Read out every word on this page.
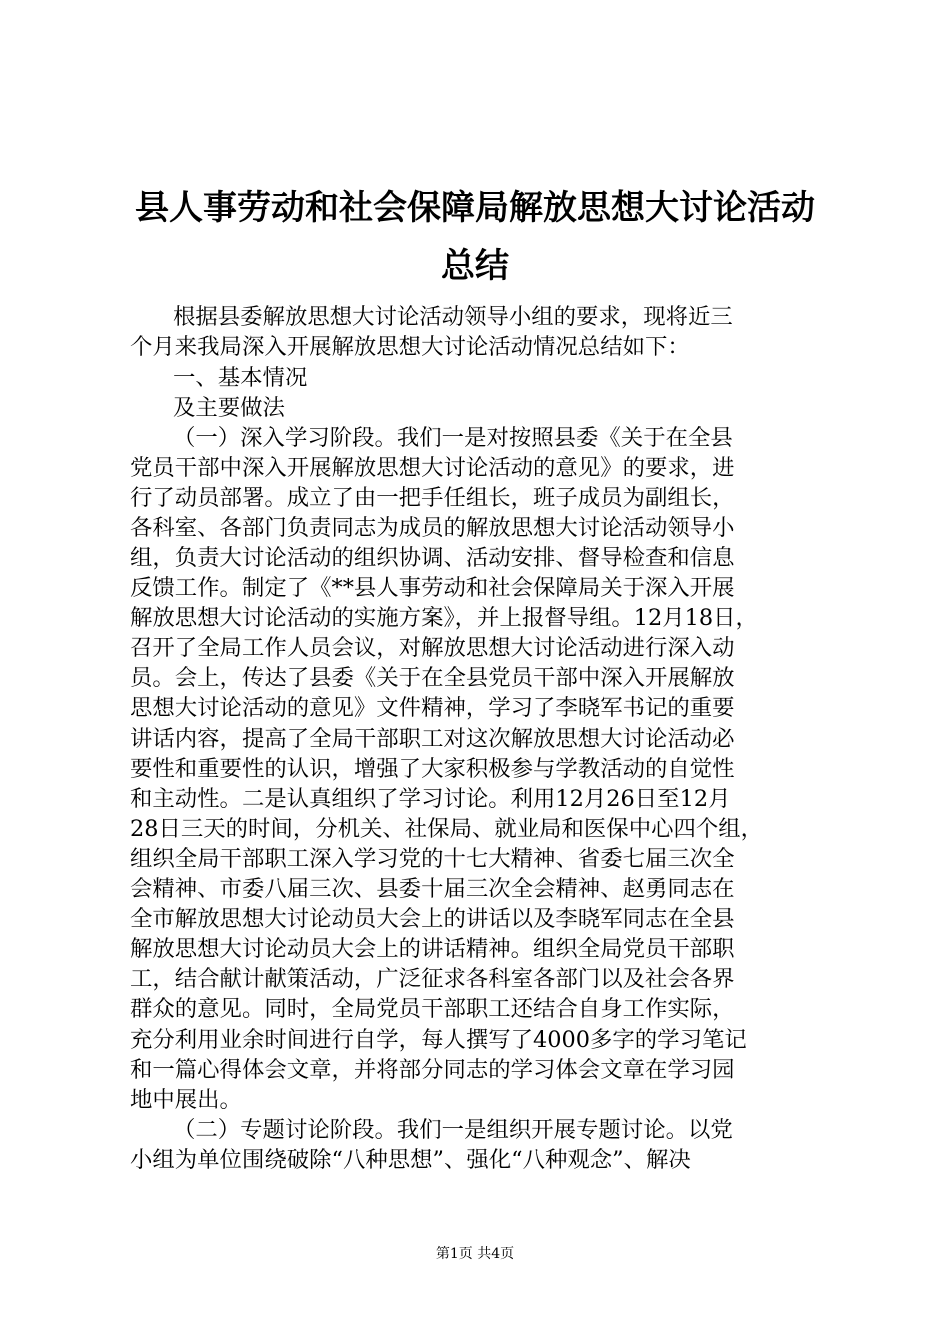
县人事劳动和社会保障局解放思想大讨论活动
总结

根据县委解放思想大讨论活动领导小组的要求，现将近三

个月来我局深入开展解放思想大讨论活动情况总结如下：

一、基本情况

及主要做法

（一）深入学习阶段。我们一是对按照县委《关于在全县

党员干部中深入开展解放思想大讨论活动的意见》的要求，进

行了动员部署。成立了由一把手任组长，班子成员为副组长，

各科室、各部门负责同志为成员的解放思想大讨论活动领导小

组，负责大讨论活动的组织协调、活动安排、督导检查和信息

反馈工作。制定了《**县人事劳动和社会保障局关于深入开展

解放思想大讨论活动的实施方案》，并上报督导组。12月18日，

召开了全局工作人员会议，对解放思想大讨论活动进行深入动

员。会上，传达了县委《关于在全县党员干部中深入开展解放

思想大讨论活动的意见》文件精神，学习了李晓军书记的重要

讲话内容，提高了全局干部职工对这次解放思想大讨论活动必

要性和重要性的认识，增强了大家积极参与学教活动的自觉性

和主动性。二是认真组织了学习讨论。利用12月26日至12月

28日三天的时间，分机关、社保局、就业局和医保中心四个组，

组织全局干部职工深入学习党的十七大精神、省委七届三次全

会精神、市委八届三次、县委十届三次全会精神、赵勇同志在

全市解放思想大讨论动员大会上的讲话以及李晓军同志在全县

解放思想大讨论动员大会上的讲话精神。组织全局党员干部职

工，结合献计献策活动，广泛征求各科室各部门以及社会各界

群众的意见。同时，全局党员干部职工还结合自身工作实际，

充分利用业余时间进行自学，每人撰写了4000多字的学习笔记

和一篇心得体会文章，并将部分同志的学习体会文章在学习园

地中展出。

（二）专题讨论阶段。我们一是组织开展专题讨论。以党

小组为单位围绕破除“八种思想”、强化“八种观念”、解决

第1页 共4页
